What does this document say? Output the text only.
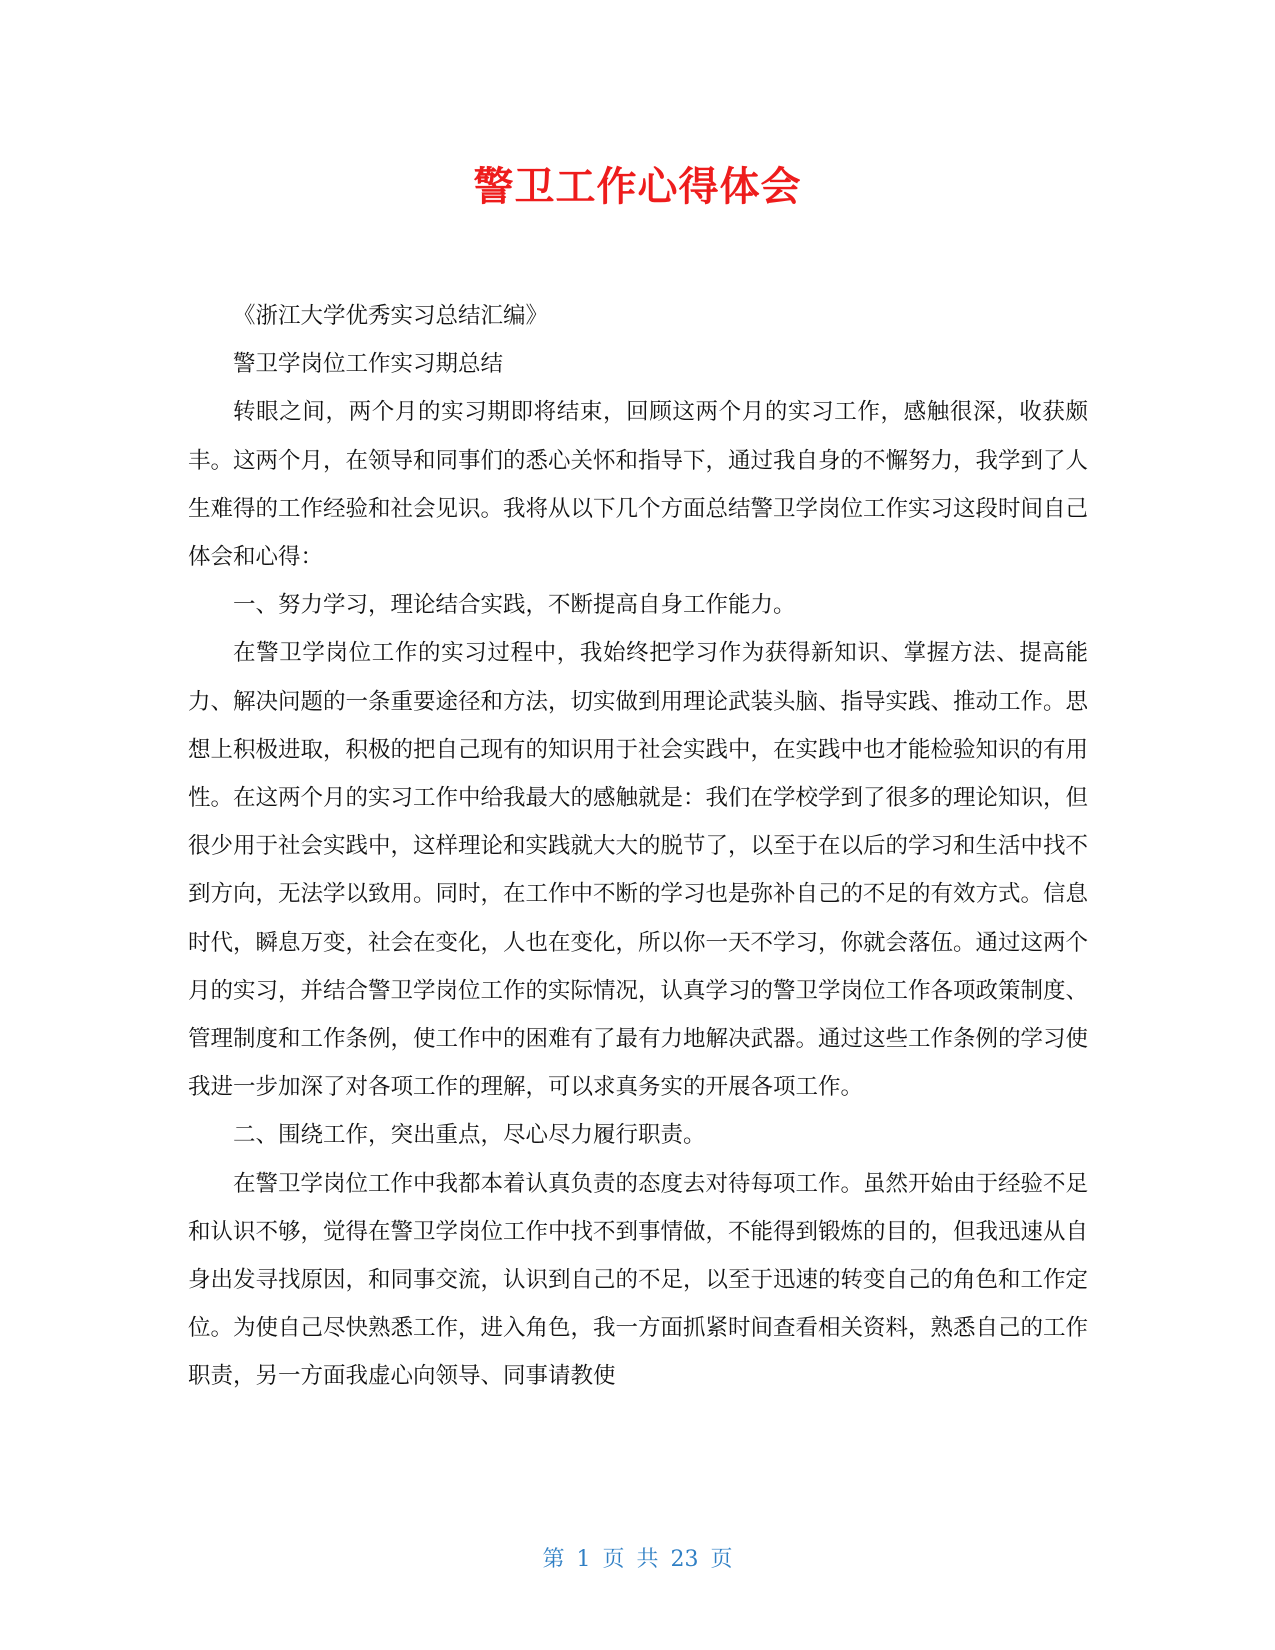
警卫工作心得体会

《浙江大学优秀实习总结汇编》

警卫学岗位工作实习期总结

转眼之间，两个月的实习期即将结束，回顾这两个月的实习工作，感触很深，收获颇丰。这两个月，在领导和同事们的悉心关怀和指导下，通过我自身的不懈努力，我学到了人生难得的工作经验和社会见识。我将从以下几个方面总结警卫学岗位工作实习这段时间自己体会和心得：

一、努力学习，理论结合实践，不断提高自身工作能力。

在警卫学岗位工作的实习过程中，我始终把学习作为获得新知识、掌握方法、提高能力、解决问题的一条重要途径和方法，切实做到用理论武装头脑、指导实践、推动工作。思想上积极进取，积极的把自己现有的知识用于社会实践中，在实践中也才能检验知识的有用性。在这两个月的实习工作中给我最大的感触就是：我们在学校学到了很多的理论知识，但很少用于社会实践中，这样理论和实践就大大的脱节了，以至于在以后的学习和生活中找不到方向，无法学以致用。同时，在工作中不断的学习也是弥补自己的不足的有效方式。信息时代，瞬息万变，社会在变化，人也在变化，所以你一天不学习，你就会落伍。通过这两个月的实习，并结合警卫学岗位工作的实际情况，认真学习的警卫学岗位工作各项政策制度、管理制度和工作条例，使工作中的困难有了最有力地解决武器。通过这些工作条例的学习使我进一步加深了对各项工作的理解，可以求真务实的开展各项工作。

二、围绕工作，突出重点，尽心尽力履行职责。

在警卫学岗位工作中我都本着认真负责的态度去对待每项工作。虽然开始由于经验不足和认识不够，觉得在警卫学岗位工作中找不到事情做，不能得到锻炼的目的，但我迅速从自身出发寻找原因，和同事交流，认识到自己的不足，以至于迅速的转变自己的角色和工作定位。为使自己尽快熟悉工作，进入角色，我一方面抓紧时间查看相关资料，熟悉自己的工作职责，另一方面我虚心向领导、同事请教使

第 1 页 共 23 页
